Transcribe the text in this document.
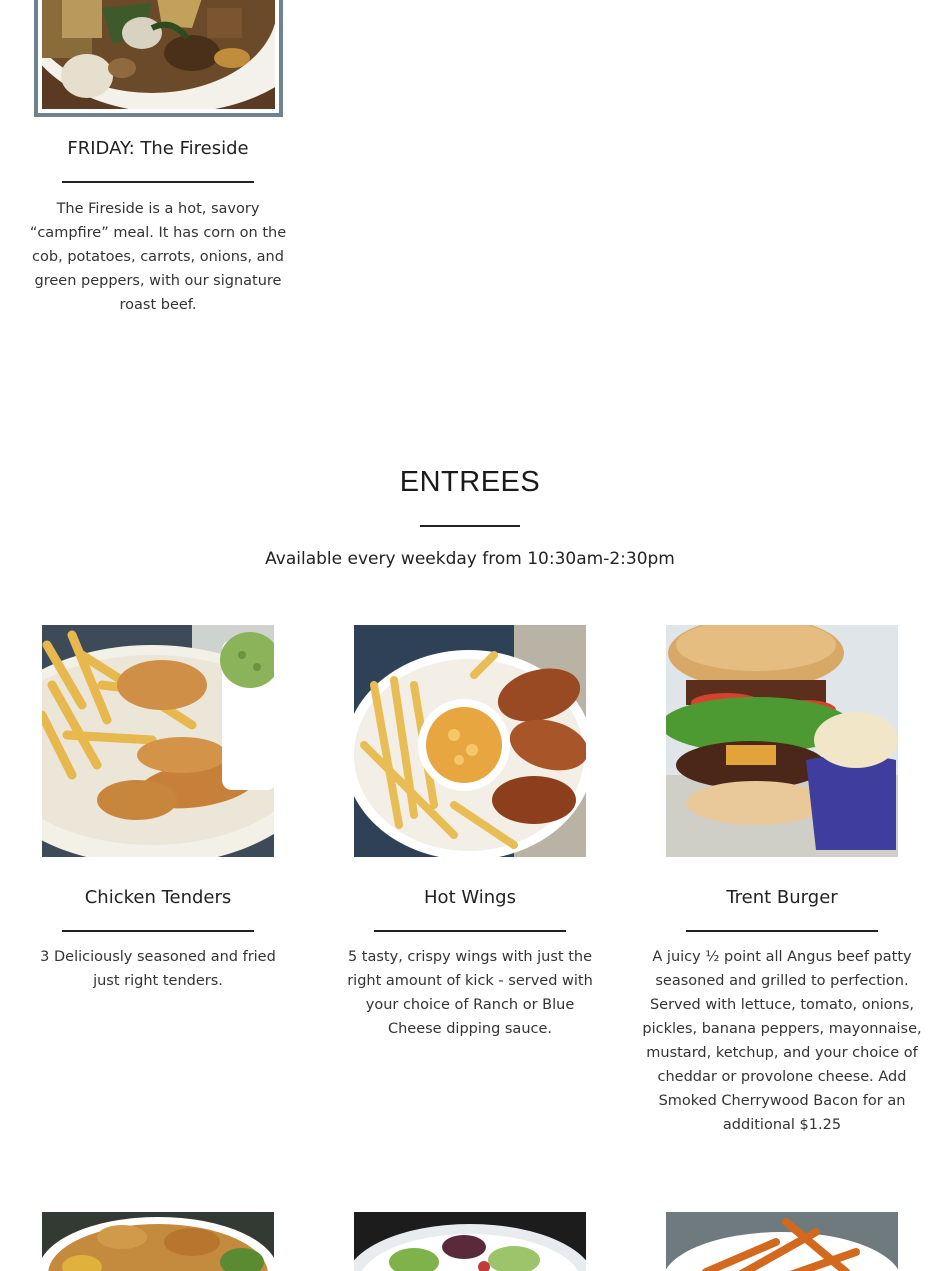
FRIDAY: The Fireside
The Fireside is a hot, savory “campfire” meal. It has corn on the cob, potatoes, carrots, onions, and green peppers, with our signature roast beef.
ENTREES
Available every weekday from 10:30am-2:30pm
Chicken Tenders
3 Deliciously seasoned and fried just right tenders.
Hot Wings
5 tasty, crispy wings with just the right amount of kick - served with your choice of Ranch or Blue Cheese dipping sauce.
Trent Burger
A juicy ½ point all Angus beef patty seasoned and grilled to perfection. Served with lettuce, tomato, onions, pickles, banana peppers, mayonnaise, mustard, ketchup, and your choice of cheddar or provolone cheese. Add Smoked Cherrywood Bacon for an additional $1.25
